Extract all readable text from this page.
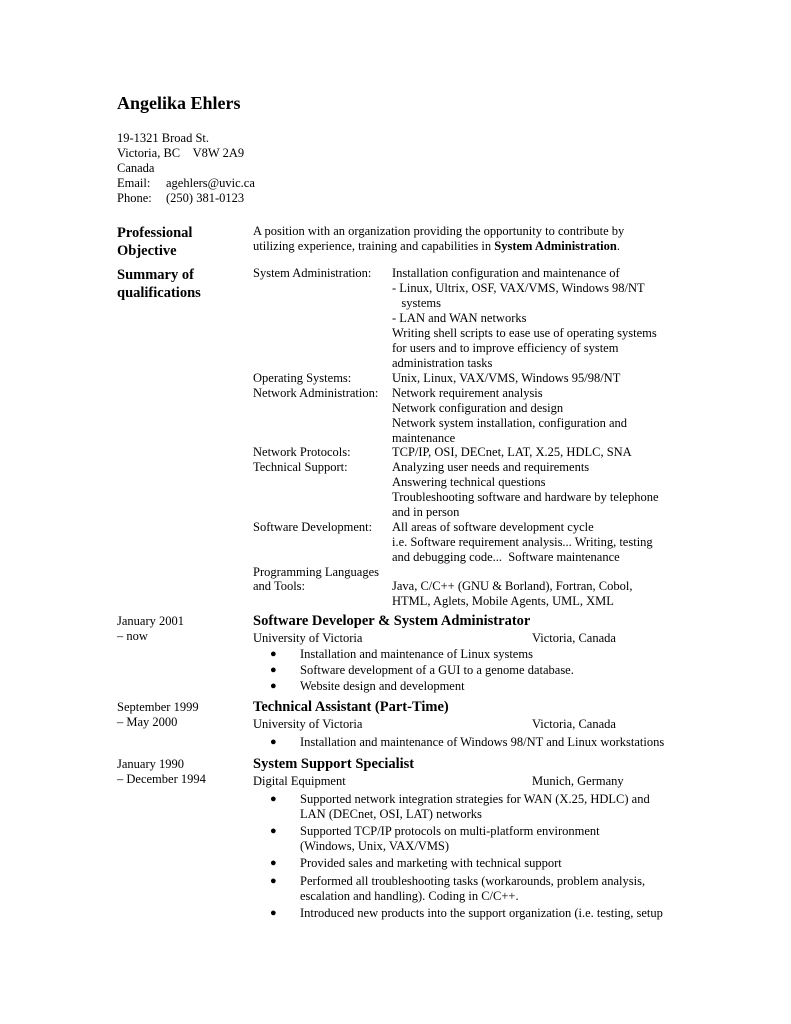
Angelika Ehlers
19-1321 Broad St.
Victoria, BC V8W 2A9
Canada
Email: agehlers@uvic.ca
Phone: (250) 381-0123
Professional
Objective
A position with an organization providing the opportunity to contribute by
utilizing experience, training and capabilities in System Administration.
Summary of
qualifications
System Administration: Installation configuration and maintenance of
- Linux, Ultrix, OSF, VAX/VMS, Windows 98/NT
systems
- LAN and WAN networks
Writing shell scripts to ease use of operating systems
for users and to improve efficiency of system
administration tasks
Operating Systems:	Unix, Linux, VAX/VMS, Windows 95/98/NT
Network Administration: Network requirement analysis
Network configuration and design
Network system installation, configuration and
maintenance
Network Protocols:	TCP/IP, OSI, DECnet, LAT, X.25, HDLC, SNA
Technical Support:	Analyzing user needs and requirements
Answering technical questions
Troubleshooting software and hardware by telephone
and in person
Software Development: All areas of software development cycle
i.e. Software requirement analysis... Writing, testing
and debugging code...  Software maintenance
Programming Languages
and Tools:	Java, C/C++ (GNU & Borland), Fortran, Cobol,
HTML, Aglets, Mobile Agents, UML, XML
January 2001
– now
Software Developer & System Administrator
University of Victoria	Victoria, Canada
●	Installation and maintenance of Linux systems
●	Software development of a GUI to a genome database.
●	Website design and development
September 1999
– May 2000
Technical Assistant (Part-Time)
University of Victoria	Victoria, Canada
●	Installation and maintenance of Windows 98/NT and Linux workstations
January 1990
– December 1994
System Support Specialist
Digital Equipment	Munich, Germany
●	Supported network integration strategies for WAN (X.25, HDLC) and
LAN (DECnet, OSI, LAT) networks
●	Supported TCP/IP protocols on multi-platform environment
(Windows, Unix, VAX/VMS)
●	Provided sales and marketing with technical support
●	Performed all troubleshooting tasks (workarounds, problem analysis,
escalation and handling). Coding in C/C++.
●	Introduced new products into the support organization (i.e. testing, setup
